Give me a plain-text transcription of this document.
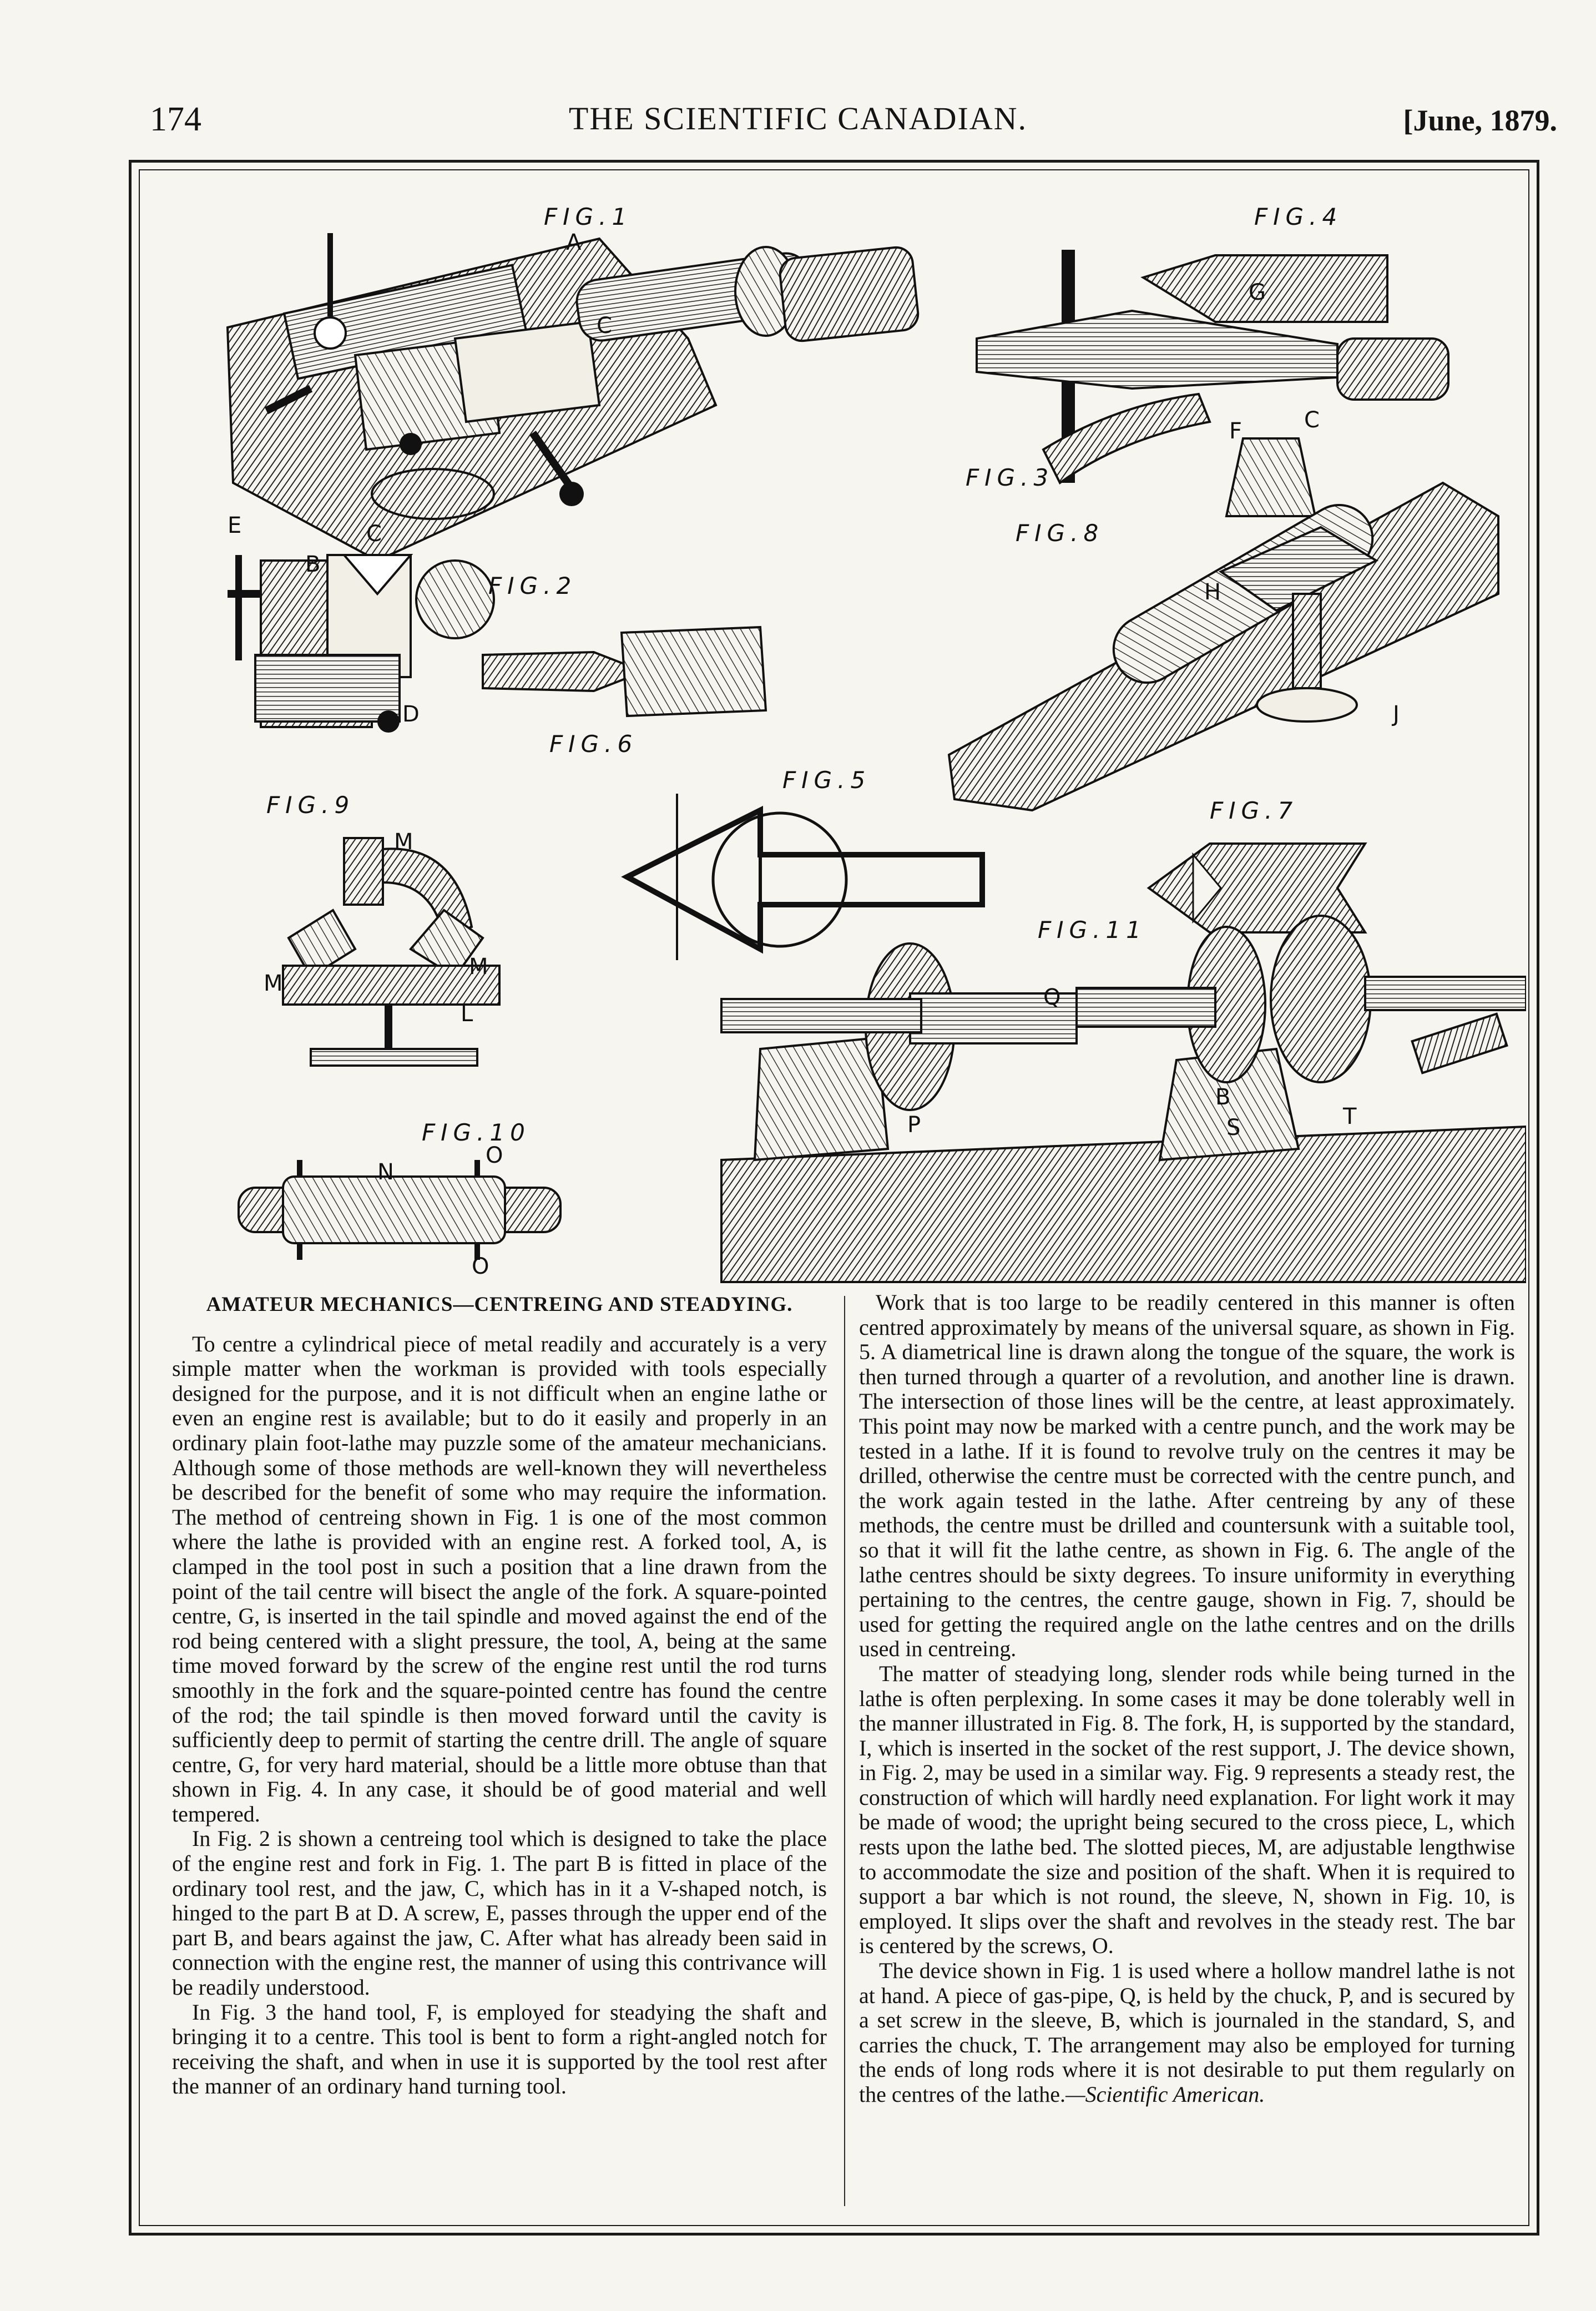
174	THE SCIENTIFIC CANADIAN.	[June, 1879.
FIG.1
A
C
FIG.2
E
B
C
D
FIG.6
FIG.4
G
F	C
FIG.3
FIG.8
H
J
FIG.5
FIG.7
FIG.9
M
M
M
L
FIG.10
N
O
O
FIG.11
Q
P
B
S	T
AMATEUR MECHANICS—CENTREING AND STEADYING.

To centre a cylindrical piece of metal readily and accurately is a very simple matter when the workman is provided with tools especially designed for the purpose, and it is not difficult when an engine lathe or even an engine rest is available; but to do it easily and properly in an ordinary plain foot-lathe may puzzle some of the amateur mechanicians. Although some of those methods are well-known they will nevertheless be described for the benefit of some who may require the information. The method of centreing shown in Fig. 1 is one of the most common where the lathe is provided with an engine rest. A forked tool, A, is clamped in the tool post in such a position that a line drawn from the point of the tail centre will bisect the angle of the fork. A square-pointed centre, G, is inserted in the tail spindle and moved against the end of the rod being centered with a slight pressure, the tool, A, being at the same time moved forward by the screw of the engine rest until the rod turns smoothly in the fork and the square-pointed centre has found the centre of the rod; the tail spindle is then moved forward until the cavity is sufficiently deep to permit of starting the centre drill. The angle of square centre, G, for very hard material, should be a little more obtuse than that shown in Fig. 4. In any case, it should be of good material and well tempered.

In Fig. 2 is shown a centreing tool which is designed to take the place of the engine rest and fork in Fig. 1. The part B is fitted in place of the ordinary tool rest, and the jaw, C, which has in it a V-shaped notch, is hinged to the part B at D. A screw, E, passes through the upper end of the part B, and bears against the jaw, C. After what has already been said in connection with the engine rest, the manner of using this contrivance will be readily understood.

In Fig. 3 the hand tool, F, is employed for steadying the shaft and bringing it to a centre. This tool is bent to form a right-angled notch for receiving the shaft, and when in use it is supported by the tool rest after the manner of an ordinary hand turning tool.

Work that is too large to be readily centered in this manner is often centred approximately by means of the universal square, as shown in Fig. 5. A diametrical line is drawn along the tongue of the square, the work is then turned through a quarter of a revolution, and another line is drawn. The intersection of those lines will be the centre, at least approximately. This point may now be marked with a centre punch, and the work may be tested in a lathe. If it is found to revolve truly on the centres it may be drilled, otherwise the centre must be corrected with the centre punch, and the work again tested in the lathe. After centreing by any of these methods, the centre must be drilled and countersunk with a suitable tool, so that it will fit the lathe centre, as shown in Fig. 6. The angle of the lathe centres should be sixty degrees. To insure uniformity in everything pertaining to the centres, the centre gauge, shown in Fig. 7, should be used for getting the required angle on the lathe centres and on the drills used in centreing.

The matter of steadying long, slender rods while being turned in the lathe is often perplexing. In some cases it may be done tolerably well in the manner illustrated in Fig. 8. The fork, H, is supported by the standard, I, which is inserted in the socket of the rest support, J. The device shown, in Fig. 2, may be used in a similar way. Fig. 9 represents a steady rest, the construction of which will hardly need explanation. For light work it may be made of wood; the upright being secured to the cross piece, L, which rests upon the lathe bed. The slotted pieces, M, are adjustable lengthwise to accommodate the size and position of the shaft. When it is required to support a bar which is not round, the sleeve, N, shown in Fig. 10, is employed. It slips over the shaft and revolves in the steady rest. The bar is centered by the screws, O.

The device shown in Fig. 1 is used where a hollow mandrel lathe is not at hand. A piece of gas-pipe, Q, is held by the chuck, P, and is secured by a set screw in the sleeve, B, which is journaled in the standard, S, and carries the chuck, T. The arrangement may also be employed for turning the ends of long rods where it is not desirable to put them regularly on the centres of the lathe.—Scientific American.
